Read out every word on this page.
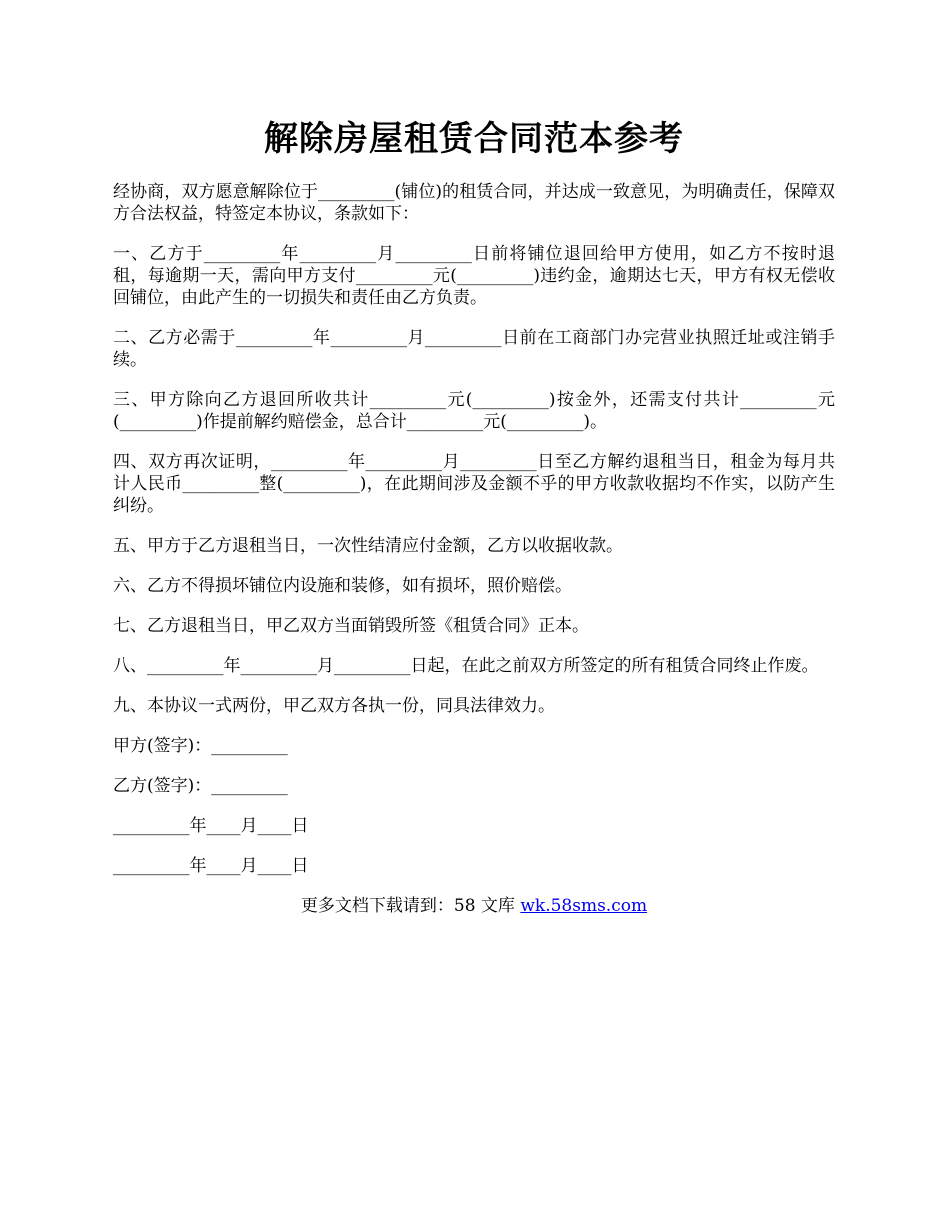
解除房屋租赁合同范本参考

经协商，双方愿意解除位于_________(铺位)的租赁合同，并达成一致意见，为明确责任，保障双方合法权益，特签定本协议，条款如下：

一、乙方于_________年_________月_________日前将铺位退回给甲方使用，如乙方不按时退租，每逾期一天，需向甲方支付_________元(_________)违约金，逾期达七天，甲方有权无偿收回铺位，由此产生的一切损失和责任由乙方负责。

二、乙方必需于_________年_________月_________日前在工商部门办完营业执照迁址或注销手续。

三、甲方除向乙方退回所收共计_________元(_________)按金外，还需支付共计_________元(_________)作提前解约赔偿金，总合计_________元(_________)。

四、双方再次证明，_________年_________月_________日至乙方解约退租当日，租金为每月共计人民币_________整(_________)，在此期间涉及金额不乎的甲方收款收据均不作实，以防产生纠纷。

五、甲方于乙方退租当日，一次性结清应付金额，乙方以收据收款。

六、乙方不得损坏铺位内设施和装修，如有损坏，照价赔偿。

七、乙方退租当日，甲乙双方当面销毁所签《租赁合同》正本。

八、_________年_________月_________日起，在此之前双方所签定的所有租赁合同终止作废。

九、本协议一式两份，甲乙双方各执一份，同具法律效力。

甲方(签字)：_________

乙方(签字)：_________

_________年____月____日

_________年____月____日

更多文档下载请到：58 文库 wk.58sms.com
